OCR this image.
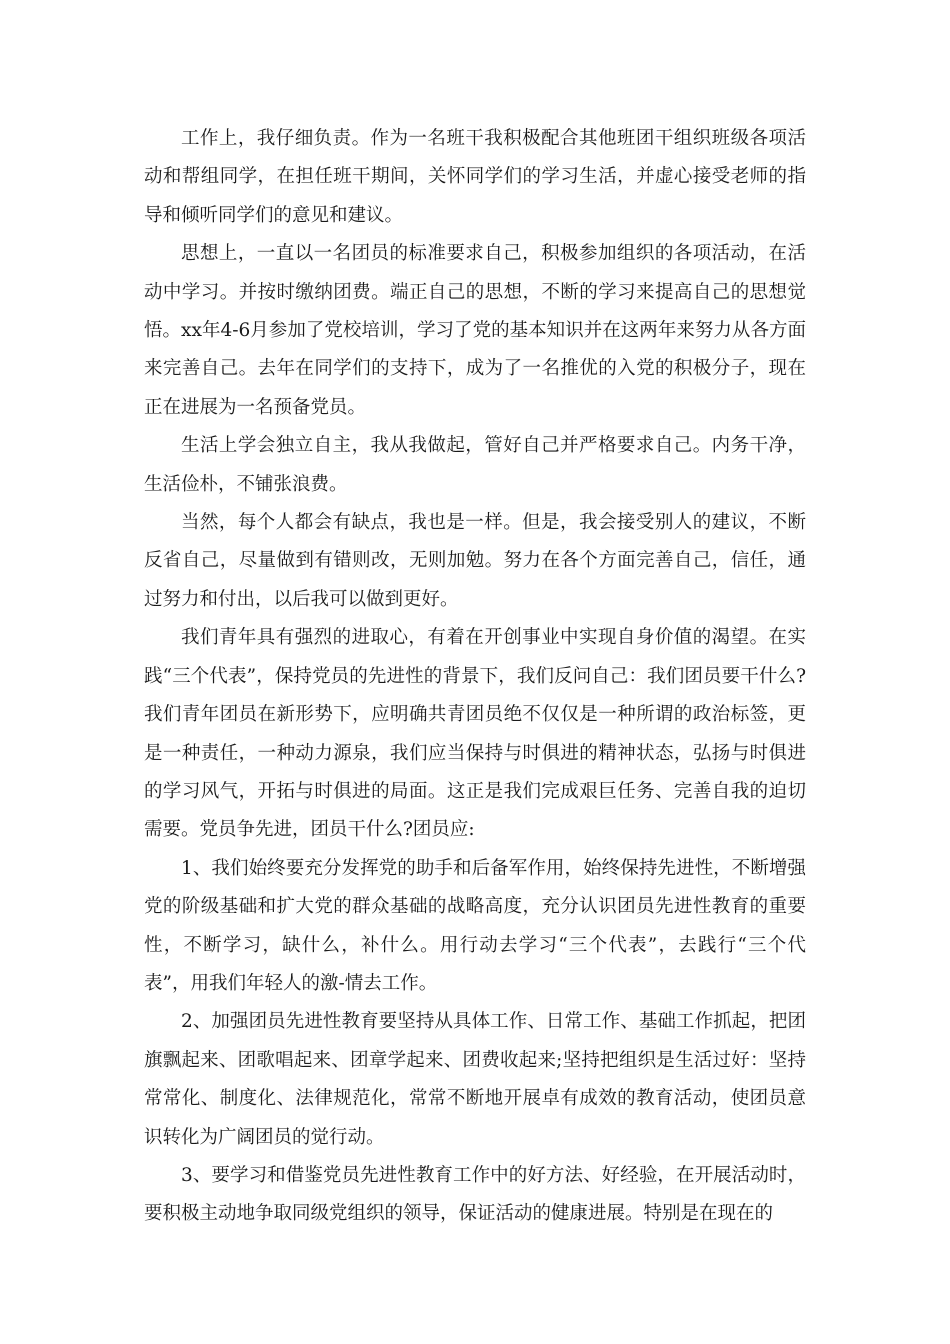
工作上，我仔细负责。作为一名班干我积极配合其他班团干组织班级各项活动和帮组同学，在担任班干期间，关怀同学们的学习生活，并虚心接受老师的指导和倾听同学们的意见和建议。

思想上，一直以一名团员的标准要求自己，积极参加组织的各项活动，在活动中学习。并按时缴纳团费。端正自己的思想，不断的学习来提高自己的思想觉悟。xx年4-6月参加了党校培训，学习了党的基本知识并在这两年来努力从各方面来完善自己。去年在同学们的支持下，成为了一名推优的入党的积极分子，现在正在进展为一名预备党员。

生活上学会独立自主，我从我做起，管好自己并严格要求自己。内务干净，生活俭朴，不铺张浪费。

当然，每个人都会有缺点，我也是一样。但是，我会接受别人的建议，不断反省自己，尽量做到有错则改，无则加勉。努力在各个方面完善自己，信任，通过努力和付出，以后我可以做到更好。

我们青年具有强烈的进取心，有着在开创事业中实现自身价值的渴望。在实践“三个代表”，保持党员的先进性的背景下，我们反问自己：我们团员要干什么?我们青年团员在新形势下，应明确共青团员绝不仅仅是一种所谓的政治标签，更是一种责任，一种动力源泉，我们应当保持与时俱进的精神状态，弘扬与时俱进的学习风气，开拓与时俱进的局面。这正是我们完成艰巨任务、完善自我的迫切需要。党员争先进，团员干什么?团员应:

1、我们始终要充分发挥党的助手和后备军作用，始终保持先进性，不断增强党的阶级基础和扩大党的群众基础的战略高度，充分认识团员先进性教育的重要性，不断学习，缺什么，补什么。用行动去学习“三个代表”，去践行“三个代表”，用我们年轻人的激-情去工作。

2、加强团员先进性教育要坚持从具体工作、日常工作、基础工作抓起，把团旗飘起来、团歌唱起来、团章学起来、团费收起来;坚持把组织是生活过好：坚持常常化、制度化、法律规范化，常常不断地开展卓有成效的教育活动，使团员意识转化为广阔团员的觉行动。

3、要学习和借鉴党员先进性教育工作中的好方法、好经验，在开展活动时，要积极主动地争取同级党组织的领导，保证活动的健康进展。特别是在现在的
